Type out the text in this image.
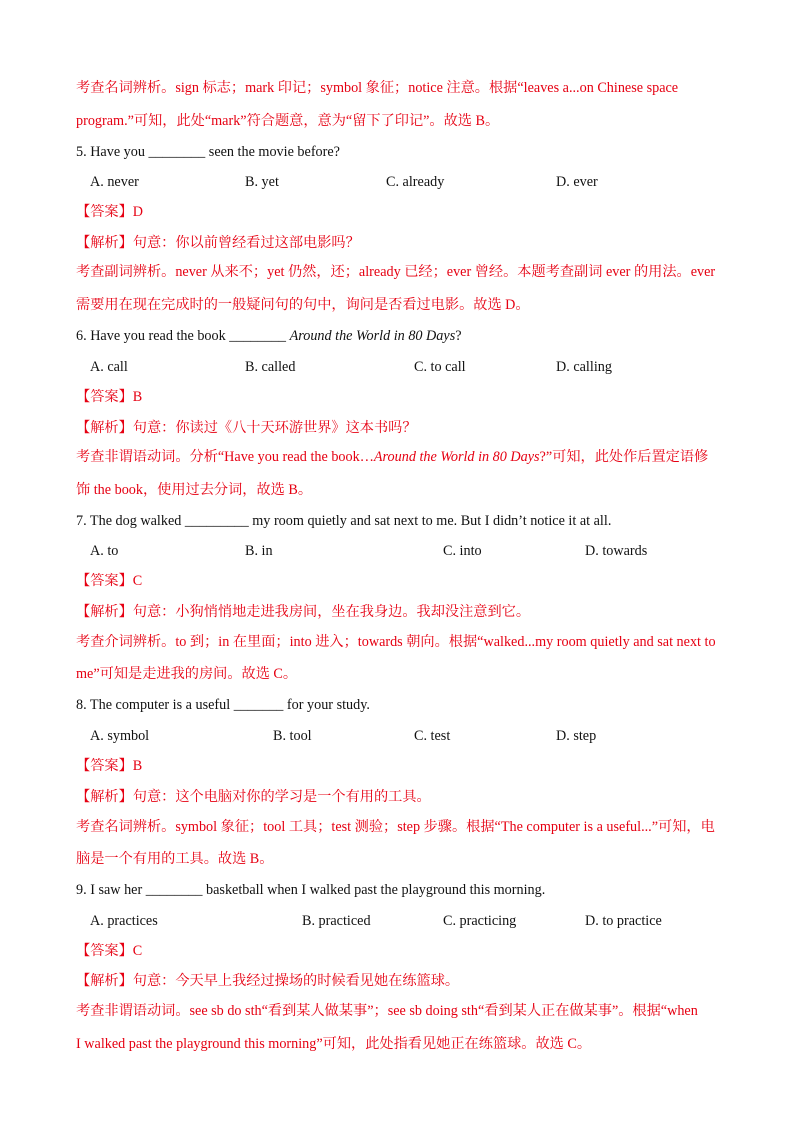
考查名词辨析。sign 标志；mark 印记；symbol 象征；notice 注意。根据“leaves a...on Chinese space
program.”可知，此处“mark”符合题意，意为“留下了印记”。故选 B。
5. Have you ________ seen the movie before?
A. never	B. yet	C. already	D. ever
【答案】D
【解析】句意：你以前曾经看过这部电影吗？
考查副词辨析。never 从来不；yet 仍然，还；already 已经；ever 曾经。本题考查副词 ever 的用法。ever
需要用在现在完成时的一般疑问句的句中，询问是否看过电影。故选 D。
6. Have you read the book ________ Around the World in 80 Days?
A. call	B. called	C. to call	D. calling
【答案】B
【解析】句意：你读过《八十天环游世界》这本书吗？
考查非谓语动词。分析“Have you read the book…Around the World in 80 Days?”可知，此处作后置定语修
饰 the book，使用过去分词，故选 B。
7. The dog walked _________ my room quietly and sat next to me. But I didn’t notice it at all.
A. to	B. in	C. into	D. towards
【答案】C
【解析】句意：小狗悄悄地走进我房间，坐在我身边。我却没注意到它。
考查介词辨析。to 到；in 在里面；into 进入；towards 朝向。根据“walked...my room quietly and sat next to
me”可知是走进我的房间。故选 C。
8. The computer is a useful _______ for your study.
A. symbol	B. tool	C. test	D. step
【答案】B
【解析】句意：这个电脑对你的学习是一个有用的工具。
考查名词辨析。symbol 象征；tool 工具；test 测验；step 步骤。根据“The computer is a useful...”可知，电
脑是一个有用的工具。故选 B。
9. I saw her ________ basketball when I walked past the playground this morning.
A. practices	B. practiced	C. practicing	D. to practice
【答案】C
【解析】句意：今天早上我经过操场的时候看见她在练篮球。
考查非谓语动词。see sb do sth“看到某人做某事”；see sb doing sth“看到某人正在做某事”。根据“when
I walked past the playground this morning”可知，此处指看见她正在练篮球。故选 C。
